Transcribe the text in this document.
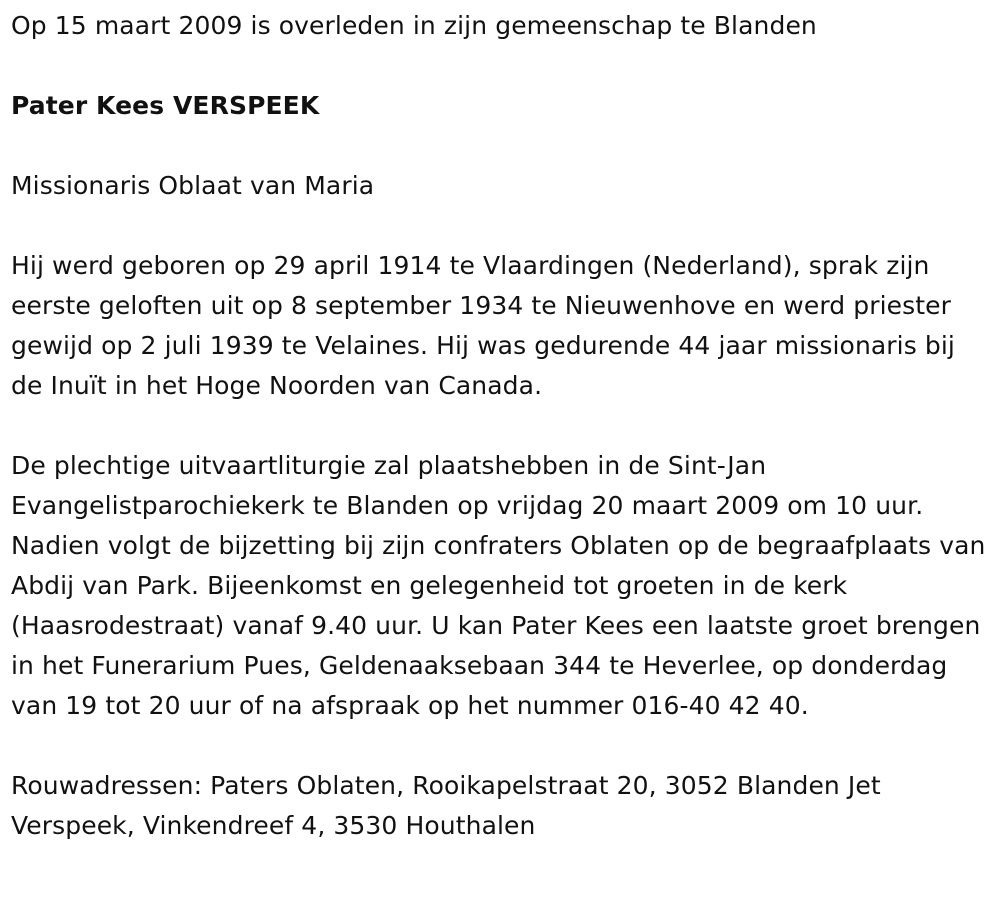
Op 15 maart 2009 is overleden in zijn gemeenschap te Blanden

Pater Kees VERSPEEK

Missionaris Oblaat van Maria

Hij werd geboren op 29 april 1914 te Vlaardingen (Nederland), sprak zijn eerste geloften uit op 8 september 1934 te Nieuwenhove en werd priester gewijd op 2 juli 1939 te Velaines. Hij was gedurende 44 jaar missionaris bij de Inuït in het Hoge Noorden van Canada.

De plechtige uitvaartliturgie zal plaatshebben in de Sint-Jan Evangelistparochiekerk te Blanden op vrijdag 20 maart 2009 om 10 uur. Nadien volgt de bijzetting bij zijn confraters Oblaten op de begraafplaats van Abdij van Park. Bijeenkomst en gelegenheid tot groeten in de kerk (Haasrodestraat) vanaf 9.40 uur. U kan Pater Kees een laatste groet brengen in het Funerarium Pues, Geldenaaksebaan 344 te Heverlee, op donderdag van 19 tot 20 uur of na afspraak op het nummer 016-40 42 40.

Rouwadressen: Paters Oblaten, Rooikapelstraat 20, 3052 Blanden Jet Verspeek, Vinkendreef 4, 3530 Houthalen
